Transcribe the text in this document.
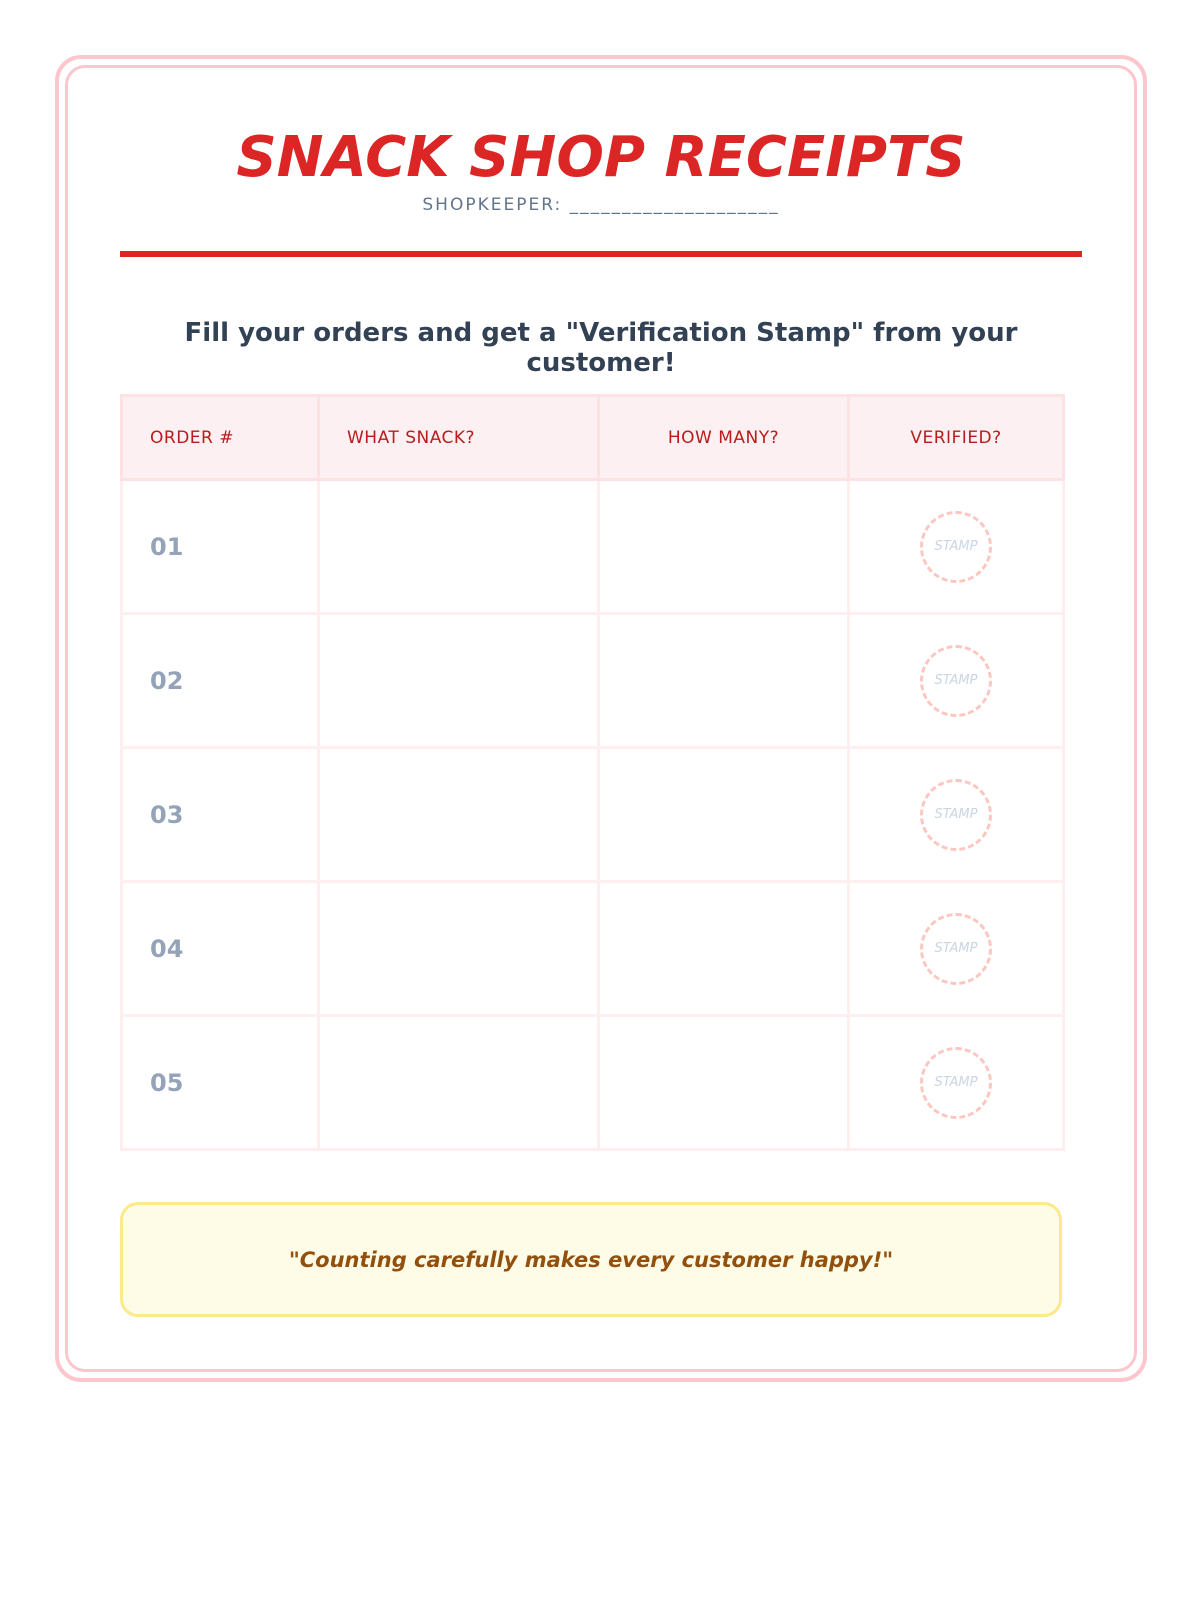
SNACK SHOP RECEIPTS
SHOPKEEPER: ____________________
Fill your orders and get a "Verification Stamp" from your customer!
ORDER #	WHAT SNACK?	HOW MANY?	VERIFIED?
01			STAMP
02			STAMP
03			STAMP
04			STAMP
05			STAMP
"Counting carefully makes every customer happy!"
